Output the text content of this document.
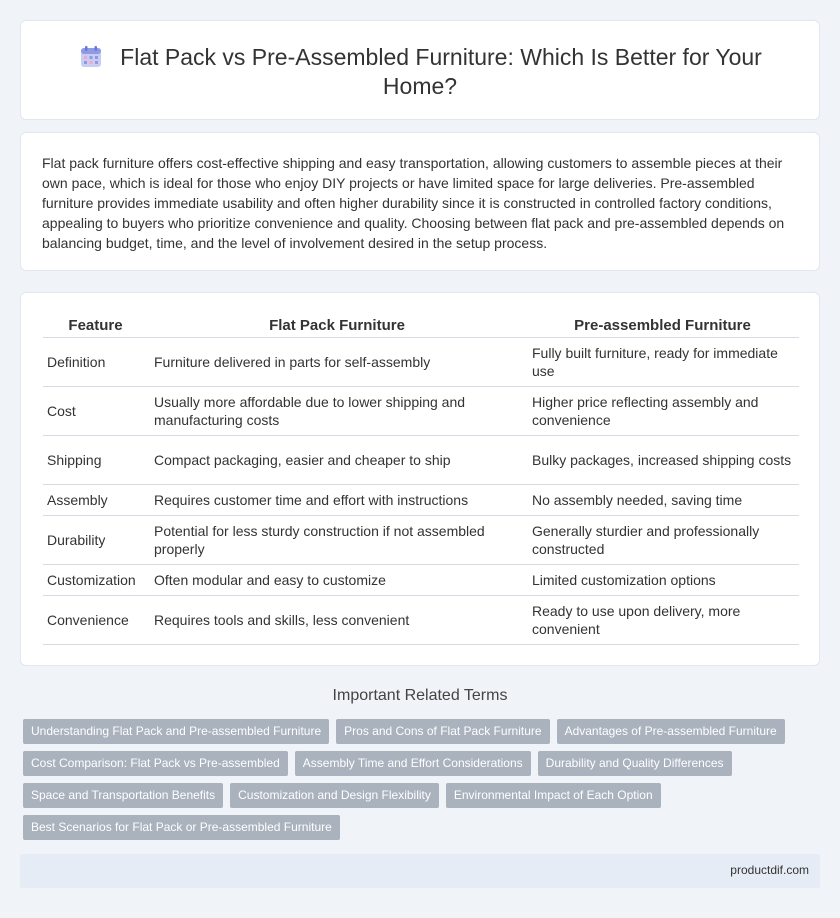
Flat Pack vs Pre-Assembled Furniture: Which Is Better for Your Home?

Flat pack furniture offers cost-effective shipping and easy transportation, allowing customers to assemble pieces at their own pace, which is ideal for those who enjoy DIY projects or have limited space for large deliveries. Pre-assembled furniture provides immediate usability and often higher durability since it is constructed in controlled factory conditions, appealing to buyers who prioritize convenience and quality. Choosing between flat pack and pre-assembled depends on balancing budget, time, and the level of involvement desired in the setup process.

Feature	Flat Pack Furniture	Pre-assembled Furniture
Definition	Furniture delivered in parts for self-assembly	Fully built furniture, ready for immediate use
Cost	Usually more affordable due to lower shipping and manufacturing costs	Higher price reflecting assembly and convenience
Shipping	Compact packaging, easier and cheaper to ship	Bulky packages, increased shipping costs
Assembly	Requires customer time and effort with instructions	No assembly needed, saving time
Durability	Potential for less sturdy construction if not assembled properly	Generally sturdier and professionally constructed
Customization	Often modular and easy to customize	Limited customization options
Convenience	Requires tools and skills, less convenient	Ready to use upon delivery, more convenient
Important Related Terms
Understanding Flat Pack and Pre-assembled Furniture	Pros and Cons of Flat Pack Furniture	Advantages of Pre-assembled Furniture
Cost Comparison: Flat Pack vs Pre-assembled	Assembly Time and Effort Considerations	Durability and Quality Differences
Space and Transportation Benefits	Customization and Design Flexibility	Environmental Impact of Each Option
Best Scenarios for Flat Pack or Pre-assembled Furniture
productdif.com
